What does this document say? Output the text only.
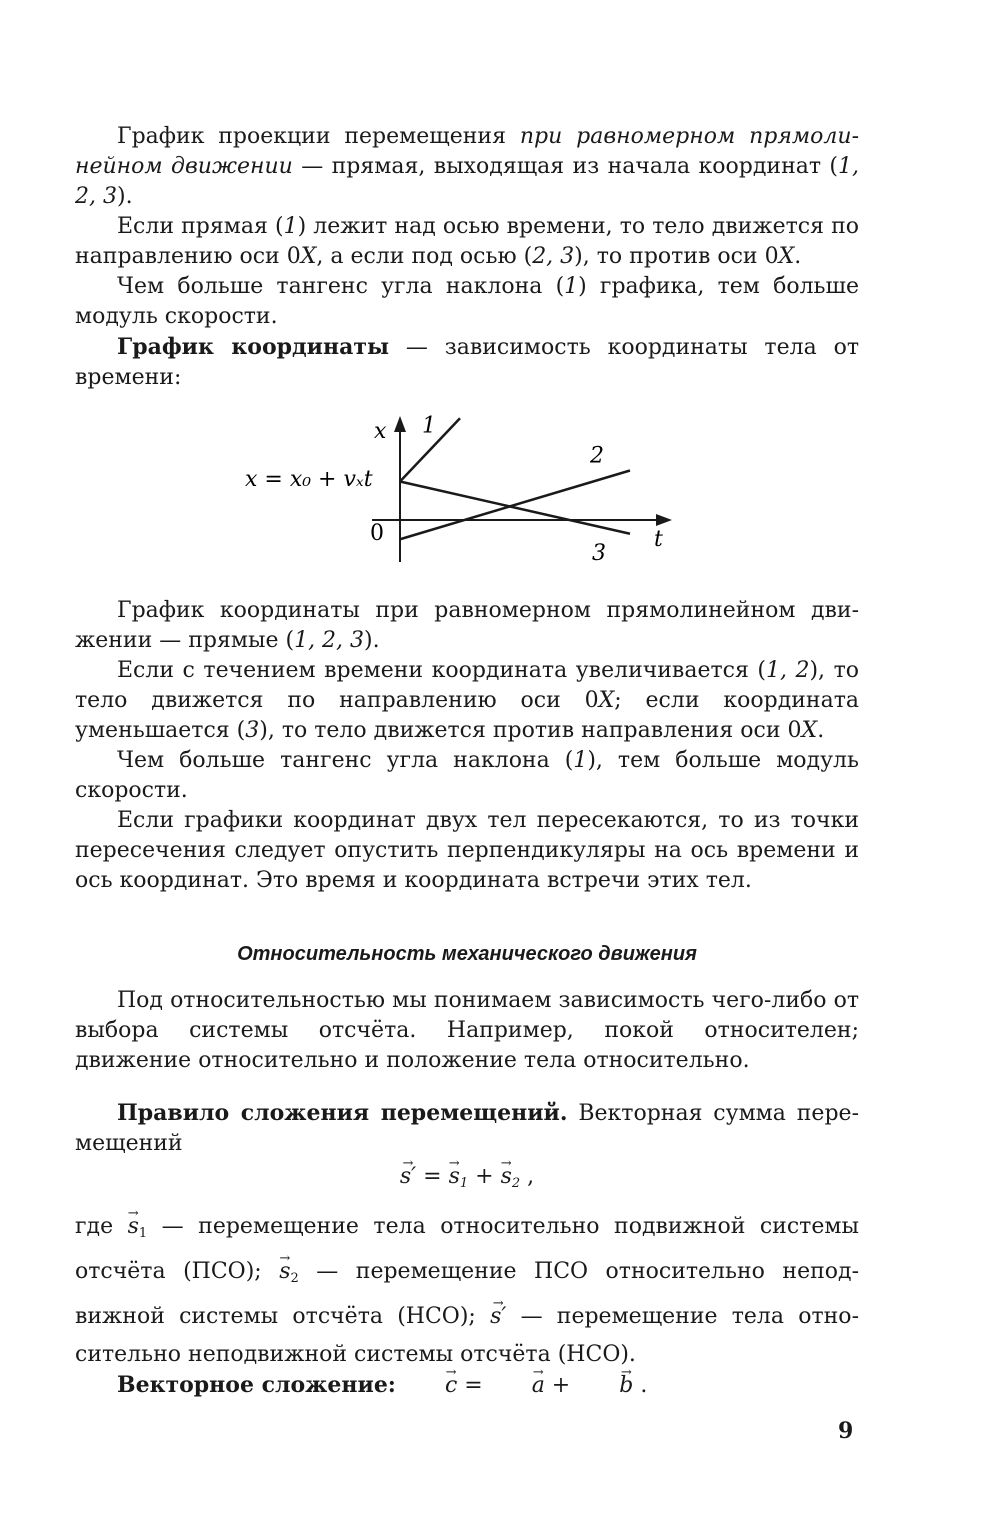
График проекции перемещения при равномерном прямолинейном движении — прямая, выходящая из начала координат (1, 2, 3).

Если прямая (1) лежит над осью времени, то тело движется по направлению оси 0X, а если под осью (2, 3), то против оси 0X.

Чем больше тангенс угла наклона (1) графика, тем больше модуль скорости.

График координаты — зависимость координаты тела от времени:

x
t
0
x = x₀ + vₓt
1
2
3

График координаты при равномерном прямолинейном движении — прямые (1, 2, 3).

Если с течением времени координата увеличивается (1, 2), то тело движется по направлению оси 0X; если координата уменьшается (3), то тело движется против направления оси 0X.

Чем больше тангенс угла наклона (1), тем больше модуль скорости.

Если графики координат двух тел пересекаются, то из точки пересечения следует опустить перпендикуляры на ось времени и ось координат. Это время и координата встречи этих тел.

Относительность механического движения

Под относительностью мы понимаем зависимость чего-либо от выбора системы отсчёта. Например, покой относителен; движение относительно и положение тела относительно.

Правило сложения перемещений. Векторная сумма перемещений

→ s′ = → $s_1$ + → $s_2$ ,

где → $s_1$ — перемещение тела относительно подвижной системы отсчёта (ПСО); → $s_2$ — перемещение ПСО относительно неподвижной системы отсчёта (НСО); → s′ — перемещение тела относительно неподвижной системы отсчёта (НСО).

Векторное сложение: → c = → a + → b .

9
